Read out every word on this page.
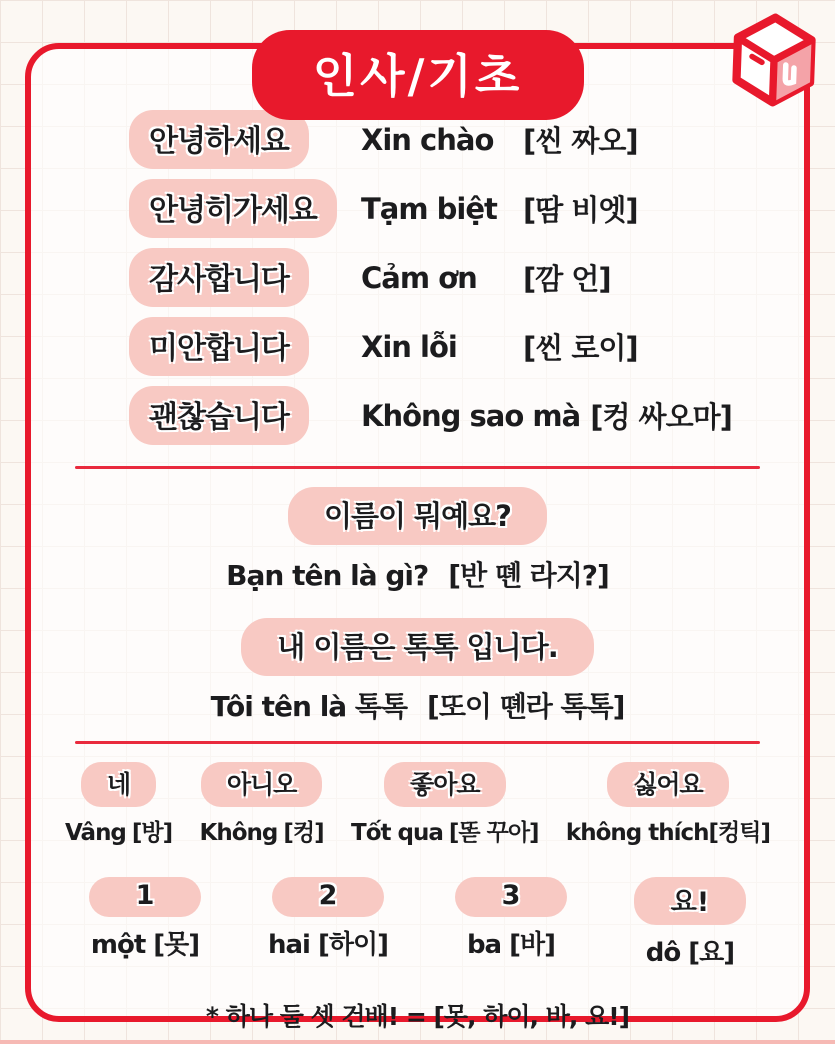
인사/기초
안녕하세요	Xin chào	[씬 짜오]
안녕히가세요	Tạm biệt [땀 비엣]
감사합니다	Cảm ơn	[깜 언]
미안합니다	Xin lỗi	[씬 로이]
괜찮습니다	Không sao mà [컹 싸오마]
이름이 뭐예요?
Bạn tên là gì? [반 뗸 라지?]
내 이름은 톡톡 입니다.
Tôi tên là 톡톡 [또이 뗸라 톡톡]
네
Vâng [방]
아니오
Không [컹]
좋아요
Tốt qua [똗 꾸아]
싫어요
không thích[컹틱]
1
một [못]
2
hai [하이]
3
ba [바]
요!
dô [요]
* 하나 둘 셋 건배! = [못, 하이, 바, 요!]
